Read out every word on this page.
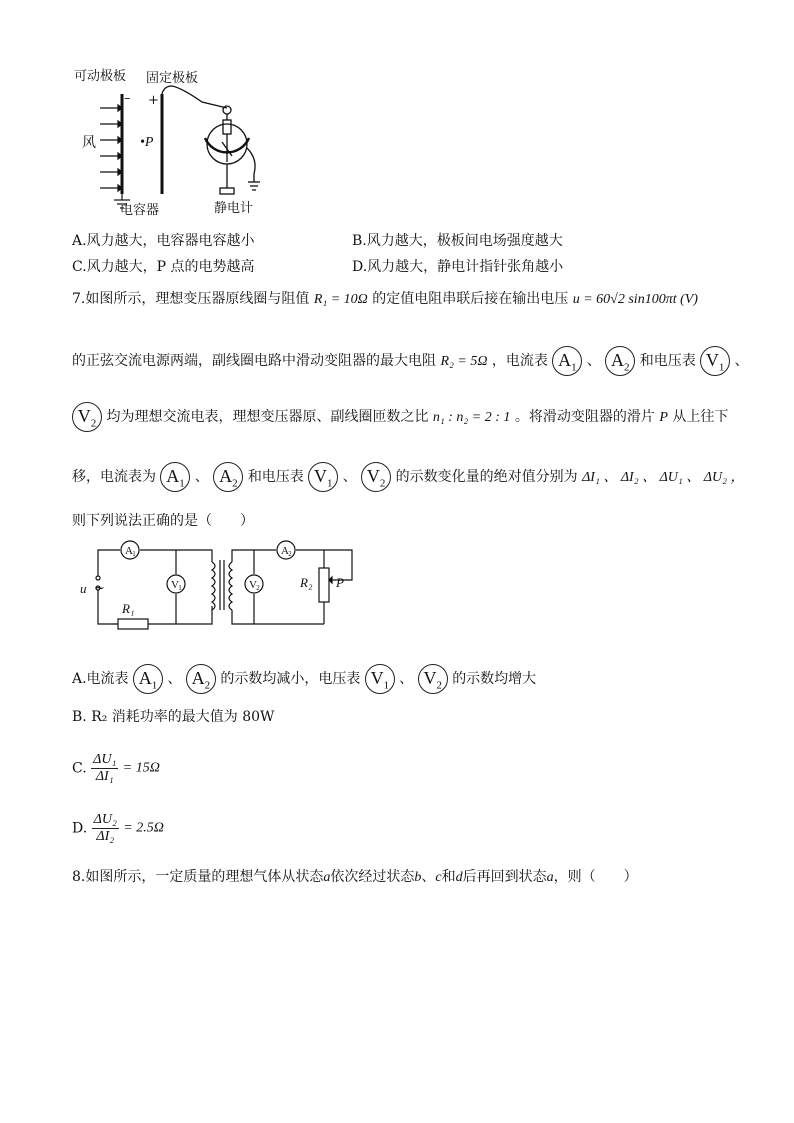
可动极板 固定极板
– +
风	•P
电容器	静电计
A.风力越大，电容器电容越小	B.风力越大，极板间电场强度越大
C.风力越大，P 点的电势越高	D.风力越大，静电计指针张角越小
7.如图所示，理想变压器原线圈与阻值 R₁ = 10Ω 的定值电阻串联后接在输出电压 u = 60√2 sin100πt (V)
的正弦交流电源两端，副线圈电路中滑动变阻器的最大电阻 R₂ = 5Ω ，电流表 $A_1$ 、 $A_2$ 和电压表 $V_1$ 、
$V_2$ 均为理想交流电表，理想变压器原、副线圈匝数之比 n₁ : n₂ = 2 : 1 。将滑动变阻器的滑片 P 从上往下
移，电流表为 $A_1$ 、 $A_2$ 和电压表 $V_1$ 、 $V_2$ 的示数变化量的绝对值分别为 ΔI₁ 、 ΔI₂ 、 ΔU₁ 、 ΔU₂ ，
则下列说法正确的是（　　）
A 1
V 1
A 2
V 2
u ~
R₁
R₂ P
A.电流表 $A_1$ 、 $A_2$ 的示数均减小，电压表 $V_1$ 、 $V_2$ 的示数均增大
B. R₂ 消耗功率的最大值为 80W
C. $\frac{\text{ΔU₁}}{\text{ΔI₁}} = 15\Omega$
D. $\frac{\text{ΔU₂}}{\text{ΔI₂}} = 2.5\Omega$
8.如图所示，一定质量的理想气体从状态a依次经过状态b、c和d后再回到状态a，则（　　）
